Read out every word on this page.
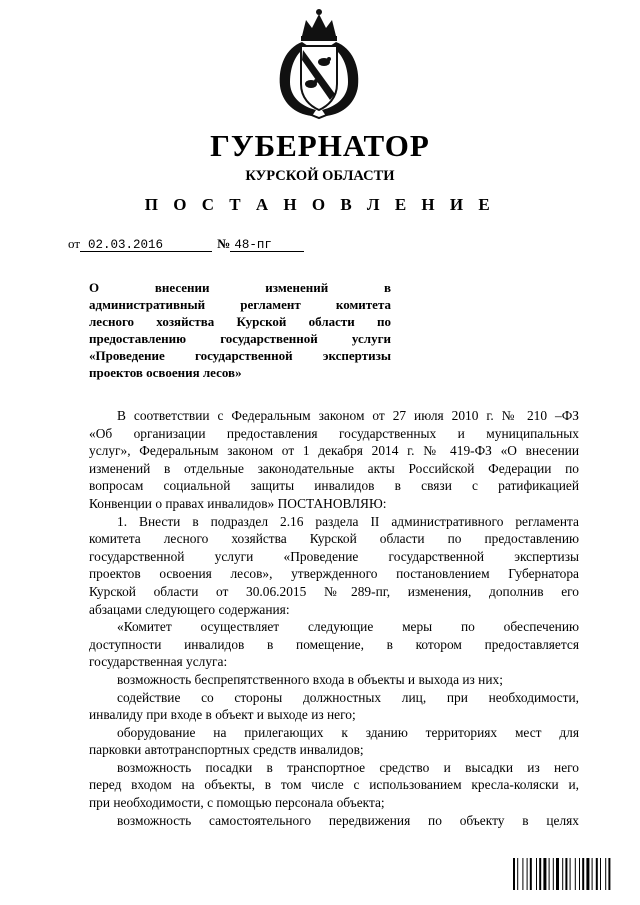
ГУБЕРНАТОР
КУРСКОЙ ОБЛАСТИ
П О С Т А Н О В Л Е Н И Е
от 02.03.2016	№ 48-пг
О внесении изменений в
административный регламент комитета
лесного хозяйства Курской области по
предоставлению государственной услуги
«Проведение государственной экспертизы
проектов освоения лесов»
В соответствии с Федеральным законом от 27 июля 2010 г. № 210 –ФЗ
«Об организации предоставления государственных и муниципальных
услуг», Федеральным законом от 1 декабря 2014 г. № 419-ФЗ «О внесении
изменений в отдельные законодательные акты Российской Федерации по
вопросам социальной защиты инвалидов в связи с ратификацией
Конвенции о правах инвалидов» ПОСТАНОВЛЯЮ:
1. Внести в подраздел 2.16 раздела II административного регламента
комитета лесного хозяйства Курской области по предоставлению
государственной услуги «Проведение государственной экспертизы
проектов освоения лесов», утвержденного постановлением Губернатора
Курской области от 30.06.2015 №289-пг, изменения, дополнив его
абзацами следующего содержания:
«Комитет осуществляет следующие меры по обеспечению
доступности инвалидов в помещение, в котором предоставляется
государственная услуга:
возможность беспрепятственного входа в объекты и выхода из них;
содействие со стороны должностных лиц, при необходимости,
инвалиду при входе в объект и выходе из него;
оборудование на прилегающих к зданию территориях мест для
парковки автотранспортных средств инвалидов;
возможность посадки в транспортное средство и высадки из него
перед входом на объекты, в том числе с использованием кресла-коляски и,
при необходимости, с помощью персонала объекта;
возможность самостоятельного передвижения по объекту в целях
